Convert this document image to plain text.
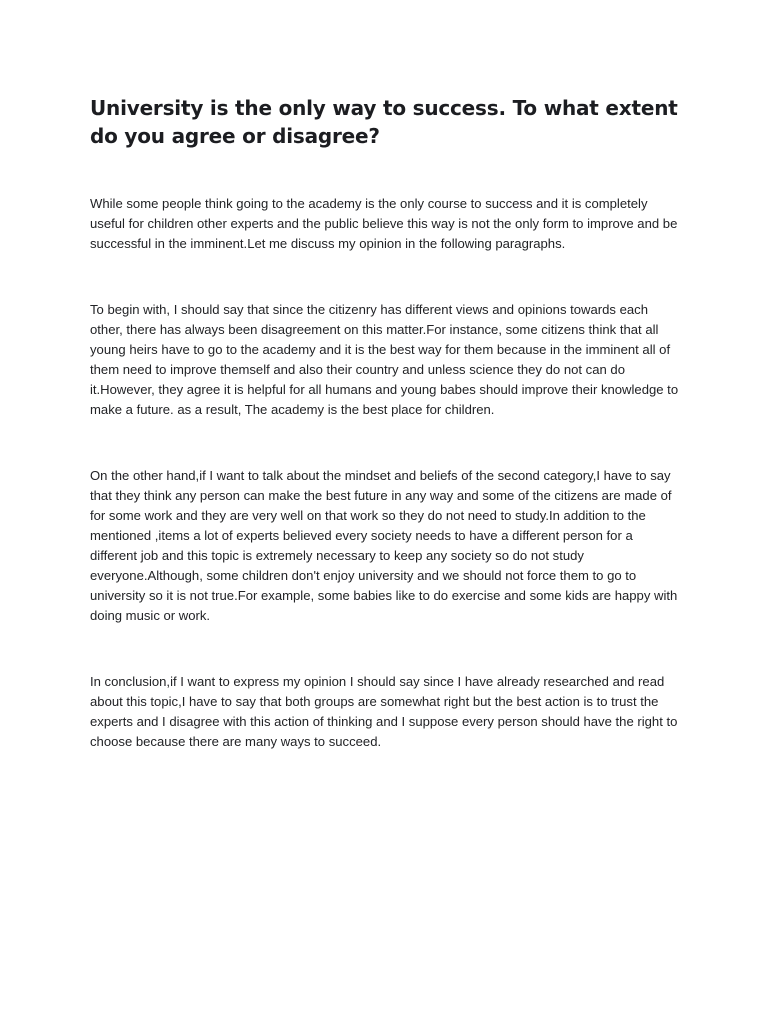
University is the only way to success. To what extent do you agree or disagree?

While some people think going to the academy is the only course to success and it is completely useful for children other experts and the public believe this way is not the only form to improve and be successful in the imminent.Let me discuss my opinion in the following paragraphs.

To begin with, I should say that since the citizenry has different views and opinions towards each other, there has always been disagreement on this matter.For instance, some citizens think that all young heirs have to go to the academy and it is the best way for them because in the imminent all of them need to improve themself and also their country and unless science they do not can do it.However, they agree it is helpful for all humans and young babes should improve their knowledge to make a future. as a result, The academy is the best place for children.

On the other hand,if I want to talk about the mindset and beliefs of the second category,I have to say that they think any person can make the best future in any way and some of the citizens are made of for some work and they are very well on that work so they do not need to study.In addition to the mentioned ,items a lot of experts believed every society needs to have a different person for a different job and this topic is extremely necessary to keep any society so do not study everyone.Although, some children don't enjoy university and we should not force them to go to university so it is not true.For example, some babies like to do exercise and some kids are happy with doing music or work.

In conclusion,if I want to express my opinion I should say since I have already researched and read about this topic,I have to say that both groups are somewhat right but the best action is to trust the experts and I disagree with this action of thinking and I suppose every person should have the right to choose because there are many ways to succeed.
